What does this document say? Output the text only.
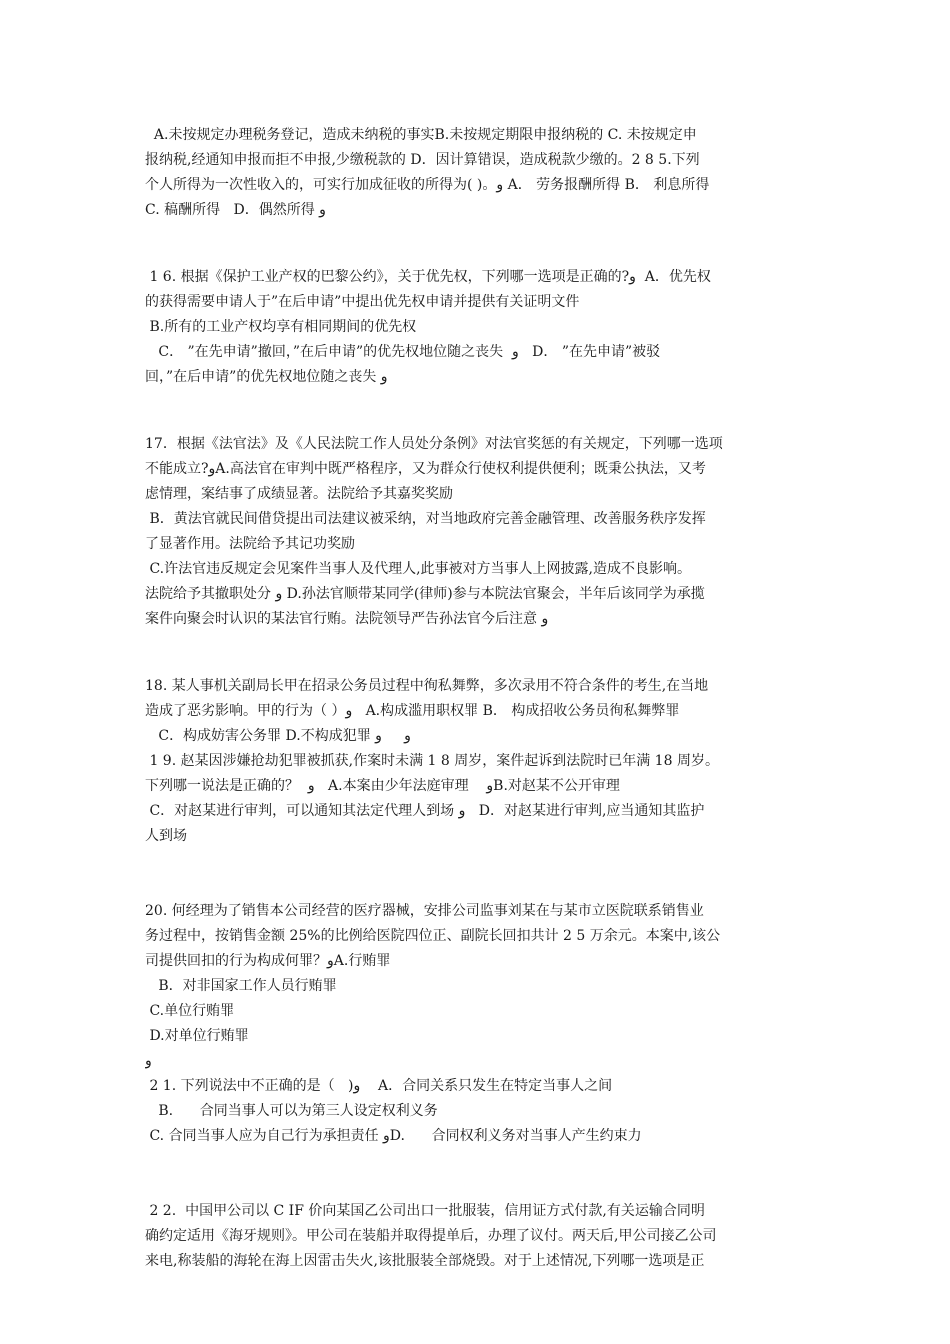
A.未按规定办理税务登记，造成未纳税的事实B.未按规定期限申报纳税的 C. 未按规定申
报纳税,经通知申报而拒不申报,少缴税款的 D．因计算错误，造成税款少缴的。2 8 5.下列
个人所得为一次性收入的，可实行加成征收的所得为( )。و A． 劳务报酬所得 B． 利息所得
C. 稿酬所得   D．偶然所得 و
1 6. 根据《保护工业产权的巴黎公约》，关于优先权，下列哪一选项是正确的?و  A．优先权
的获得需要申请人于”在后申请”中提出优先权申请并提供有关证明文件
B.所有的工业产权均享有相同期间的优先权
C． ”在先申请”撤回，”在后申请”的优先权地位随之丧失  و   D． ”在先申请”被驳
回，”在后申请”的优先权地位随之丧失 و
17．根据《法官法》及《人民法院工作人员处分条例》对法官奖惩的有关规定，下列哪一选项
不能成立?وA.高法官在审判中既严格程序，又为群众行使权利提供便利；既秉公执法，又考
虑情理，案结事了成绩显著。法院给予其嘉奖奖励
B．黄法官就民间借贷提出司法建议被采纳，对当地政府完善金融管理、改善服务秩序发挥
了显著作用。法院给予其记功奖励
C.许法官违反规定会见案件当事人及代理人,此事被对方当事人上网披露,造成不良影响。
法院给予其撤职处分 و D.孙法官顺带某同学(律师)参与本院法官聚会，半年后该同学为承揽
案件向聚会时认识的某法官行贿。法院领导严告孙法官今后注意 و
18. 某人事机关副局长甲在招录公务员过程中徇私舞弊，多次录用不符合条件的考生,在当地
造成了恶劣影响。甲的行为（ ）و   A.构成滥用职权罪 B． 构成招收公务员徇私舞弊罪
C．构成妨害公务罪 D.不构成犯罪 و     و
1 9. 赵某因涉嫌抢劫犯罪被抓获,作案时未满 1 8 周岁，案件起诉到法院时已年满 18 周岁。
下列哪一说法是正确的？  و   A.本案由少年法庭审理    وB.对赵某不公开审理
C．对赵某进行审判，可以通知其法定代理人到场 و   D．对赵某进行审判,应当通知其监护
人到场
20. 何经理为了销售本公司经营的医疗器械，安排公司监事刘某在与某市立医院联系销售业
务过程中，按销售金额 25%的比例给医院四位正、副院长回扣共计 2 5 万余元。本案中,该公
司提供回扣的行为构成何罪？وA.行贿罪
B．对非国家工作人员行贿罪
C.单位行贿罪
D.对单位行贿罪
و
2 1. 下列说法中不正确的是（   )و    A．合同关系只发生在特定当事人之间
B.      合同当事人可以为第三人设定权利义务
C. 合同当事人应为自己行为承担责任 وD.      合同权利义务对当事人产生约束力
2 2.  中国甲公司以 C IF 价向某国乙公司出口一批服装，信用证方式付款,有关运输合同明
确约定适用《海牙规则》。甲公司在装船并取得提单后，办理了议付。两天后,甲公司接乙公司
来电,称装船的海轮在海上因雷击失火,该批服装全部烧毁。对于上述情况,下列哪一选项是正
